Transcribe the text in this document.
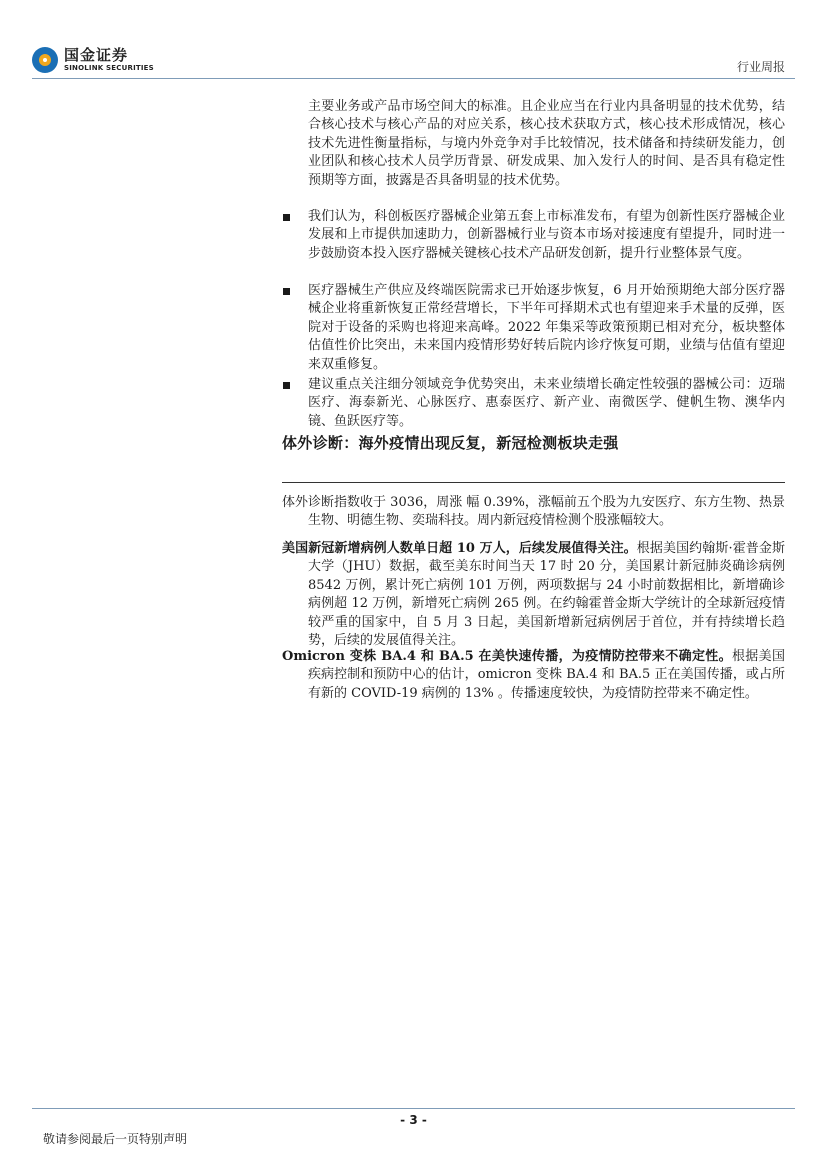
国金证券
SINOLINK SECURITIES	行业周报
主要业务或产品市场空间大的标准。且企业应当在行业内具备明显的技术优势，结合核心技术与核心产品的对应关系，核心技术获取方式，核心技术形成情况，核心技术先进性衡量指标，与境内外竞争对手比较情况，技术储备和持续研发能力，创业团队和核心技术人员学历背景、研发成果、加入发行人的时间、是否具有稳定性预期等方面，披露是否具备明显的技术优势。
我们认为，科创板医疗器械企业第五套上市标准发布，有望为创新性医疗器械企业发展和上市提供加速助力，创新器械行业与资本市场对接速度有望提升，同时进一步鼓励资本投入医疗器械关键核心技术产品研发创新，提升行业整体景气度。
医疗器械生产供应及终端医院需求已开始逐步恢复，6 月开始预期绝大部分医疗器械企业将重新恢复正常经营增长，下半年可择期术式也有望迎来手术量的反弹，医院对于设备的采购也将迎来高峰。2022 年集采等政策预期已相对充分，板块整体估值性价比突出，未来国内疫情形势好转后院内诊疗恢复可期，业绩与估值有望迎来双重修复。
建议重点关注细分领域竞争优势突出，未来业绩增长确定性较强的器械公司：迈瑞医疗、海泰新光、心脉医疗、惠泰医疗、新产业、南微医学、健帆生物、澳华内镜、鱼跃医疗等。
体外诊断：海外疫情出现反复，新冠检测板块走强
体外诊断指数收于 3036，周涨 幅 0.39%，涨幅前五个股为九安医疗、东方生物、热景生物、明德生物、奕瑞科技。周内新冠疫情检测个股涨幅较大。
美国新冠新增病例人数单日超 10 万人，后续发展值得关注。根据美国约翰斯·霍普金斯大学（JHU）数据，截至美东时间当天 17 时 20 分，美国累计新冠肺炎确诊病例 8542 万例，累计死亡病例 101 万例，两项数据与 24 小时前数据相比，新增确诊病例超 12 万例，新增死亡病例 265 例。在约翰霍普金斯大学统计的全球新冠疫情较严重的国家中，自 5 月 3 日起，美国新增新冠病例居于首位，并有持续增长趋势，后续的发展值得关注。
Omicron 变株 BA.4 和 BA.5 在美快速传播，为疫情防控带来不确定性。根据美国疾病控制和预防中心的估计，omicron 变株 BA.4 和 BA.5 正在美国传播，或占所有新的 COVID-19 病例的 13% 。传播速度较快，为疫情防控带来不确定性。
- 3 -
敬请参阅最后一页特别声明
